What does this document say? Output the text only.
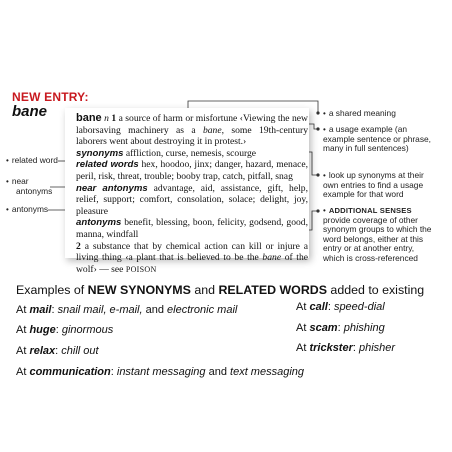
NEW ENTRY:
bane	bane n 1 a source of harm or misfortune ‹Viewing the new laborsaving machinery as a bane, some 19th-century laborers went about destroying it in protest.›
synonyms affliction, curse, nemesis, scourge
related words hex, hoodoo, jinx; danger, hazard, menace, peril, risk, threat, trouble; booby trap, catch, pitfall, snag
near antonyms advantage, aid, assistance, gift, help, relief, support; comfort, consolation, solace; delight, joy, pleasure
antonyms benefit, blessing, boon, felicity, godsend, good, manna, windfall
2 a substance that by chemical action can kill or injure a living thing ‹a plant that is believed to be the bane of the wolf› — see POISON

• related word
• near
antonyms
• antonyms
• a shared meaning
• a usage example (an example sentence or phrase, many in full sentences)
• look up synonyms at their own entries to find a usage example for that word
• ADDITIONAL SENSES provide coverage of other synonym groups to which the word belongs, either at this entry or at another entry, which is cross-referenced
Examples of NEW SYNONYMS and RELATED WORDS added to existing
At mail: snail mail, e-mail, and electronic mail
At huge: ginormous
At relax: chill out
At communication: instant messaging and text messaging
At call: speed-dial
At scam: phishing
At trickster: phisher
